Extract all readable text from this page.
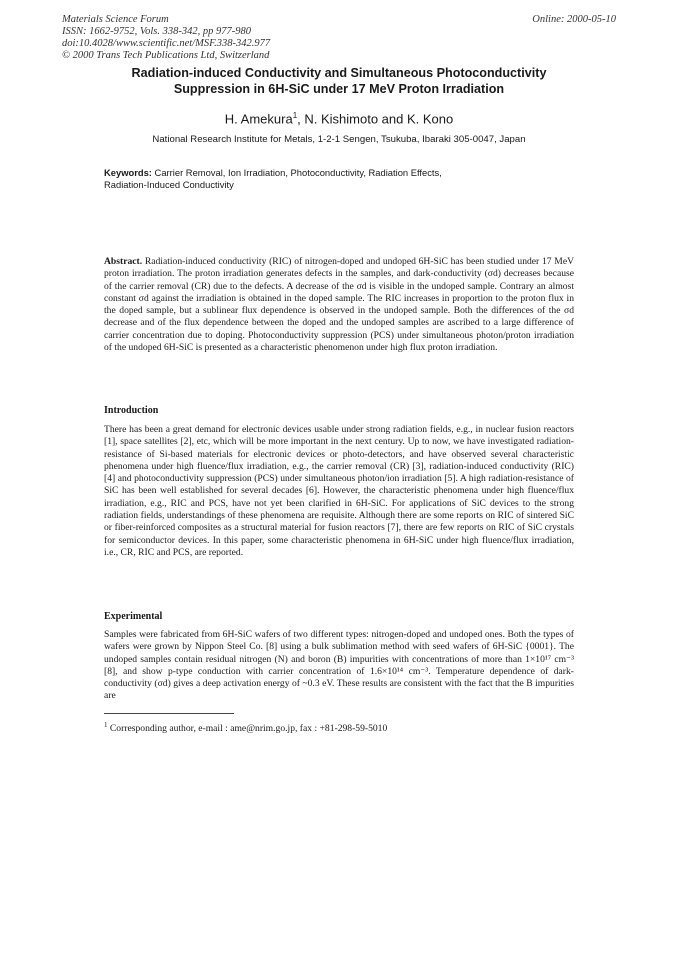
Materials Science Forum
ISSN: 1662-9752, Vols. 338-342, pp 977-980
doi:10.4028/www.scientific.net/MSF.338-342.977
© 2000 Trans Tech Publications Ltd, Switzerland
Online: 2000-05-10
Radiation-induced Conductivity and Simultaneous Photoconductivity
Suppression in 6H-SiC under 17 MeV Proton Irradiation
H. Amekura$^1$, N. Kishimoto and K. Kono
National Research Institute for Metals, 1-2-1 Sengen, Tsukuba, Ibaraki 305-0047, Japan
Keywords: Carrier Removal, Ion Irradiation, Photoconductivity, Radiation Effects,
Radiation-Induced Conductivity
Abstract. Radiation-induced conductivity (RIC) of nitrogen-doped and undoped 6H-SiC has been studied under 17 MeV proton irradiation. The proton irradiation generates defects in the samples, and dark-conductivity (σd) decreases because of the carrier removal (CR) due to the defects. A decrease of the σd is visible in the undoped sample. Contrary an almost constant σd against the irradiation is obtained in the doped sample. The RIC increases in proportion to the proton flux in the doped sample, but a sublinear flux dependence is observed in the undoped sample. Both the differences of the σd decrease and of the flux dependence between the doped and the undoped samples are ascribed to a large difference of carrier concentration due to doping. Photoconductivity suppression (PCS) under simultaneous photon/proton irradiation of the undoped 6H-SiC is presented as a characteristic phenomenon under high flux proton irradiation.
Introduction
There has been a great demand for electronic devices usable under strong radiation fields, e.g., in nuclear fusion reactors [1], space satellites [2], etc, which will be more important in the next century. Up to now, we have investigated radiation-resistance of Si-based materials for electronic devices or photo-detectors, and have observed several characteristic phenomena under high fluence/flux irradiation, e.g., the carrier removal (CR) [3], radiation-induced conductivity (RIC) [4] and photoconductivity suppression (PCS) under simultaneous photon/ion irradiation [5]. A high radiation-resistance of SiC has been well established for several decades [6]. However, the characteristic phenomena under high fluence/flux irradiation, e.g., RIC and PCS, have not yet been clarified in 6H-SiC. For applications of SiC devices to the strong radiation fields, understandings of these phenomena are requisite. Although there are some reports on RIC of sintered SiC or fiber-reinforced composites as a structural material for fusion reactors [7], there are few reports on RIC of SiC crystals for semiconductor devices. In this paper, some characteristic phenomena in 6H-SiC under high fluence/flux irradiation, i.e., CR, RIC and PCS, are reported.
Experimental
Samples were fabricated from 6H-SiC wafers of two different types: nitrogen-doped and undoped ones. Both the types of wafers were grown by Nippon Steel Co. [8] using a bulk sublimation method with seed wafers of 6H-SiC {0001}. The undoped samples contain residual nitrogen (N) and boron (B) impurities with concentrations of more than 1×10¹⁷ cm⁻³ [8], and show p-type conduction with carrier concentration of 1.6×10¹⁴ cm⁻³. Temperature dependence of dark-conductivity (σd) gives a deep activation energy of ~0.3 eV. These results are consistent with the fact that the B impurities are
$^1$ Corresponding author, e-mail : ame@nrim.go.jp, fax : +81-298-59-5010
